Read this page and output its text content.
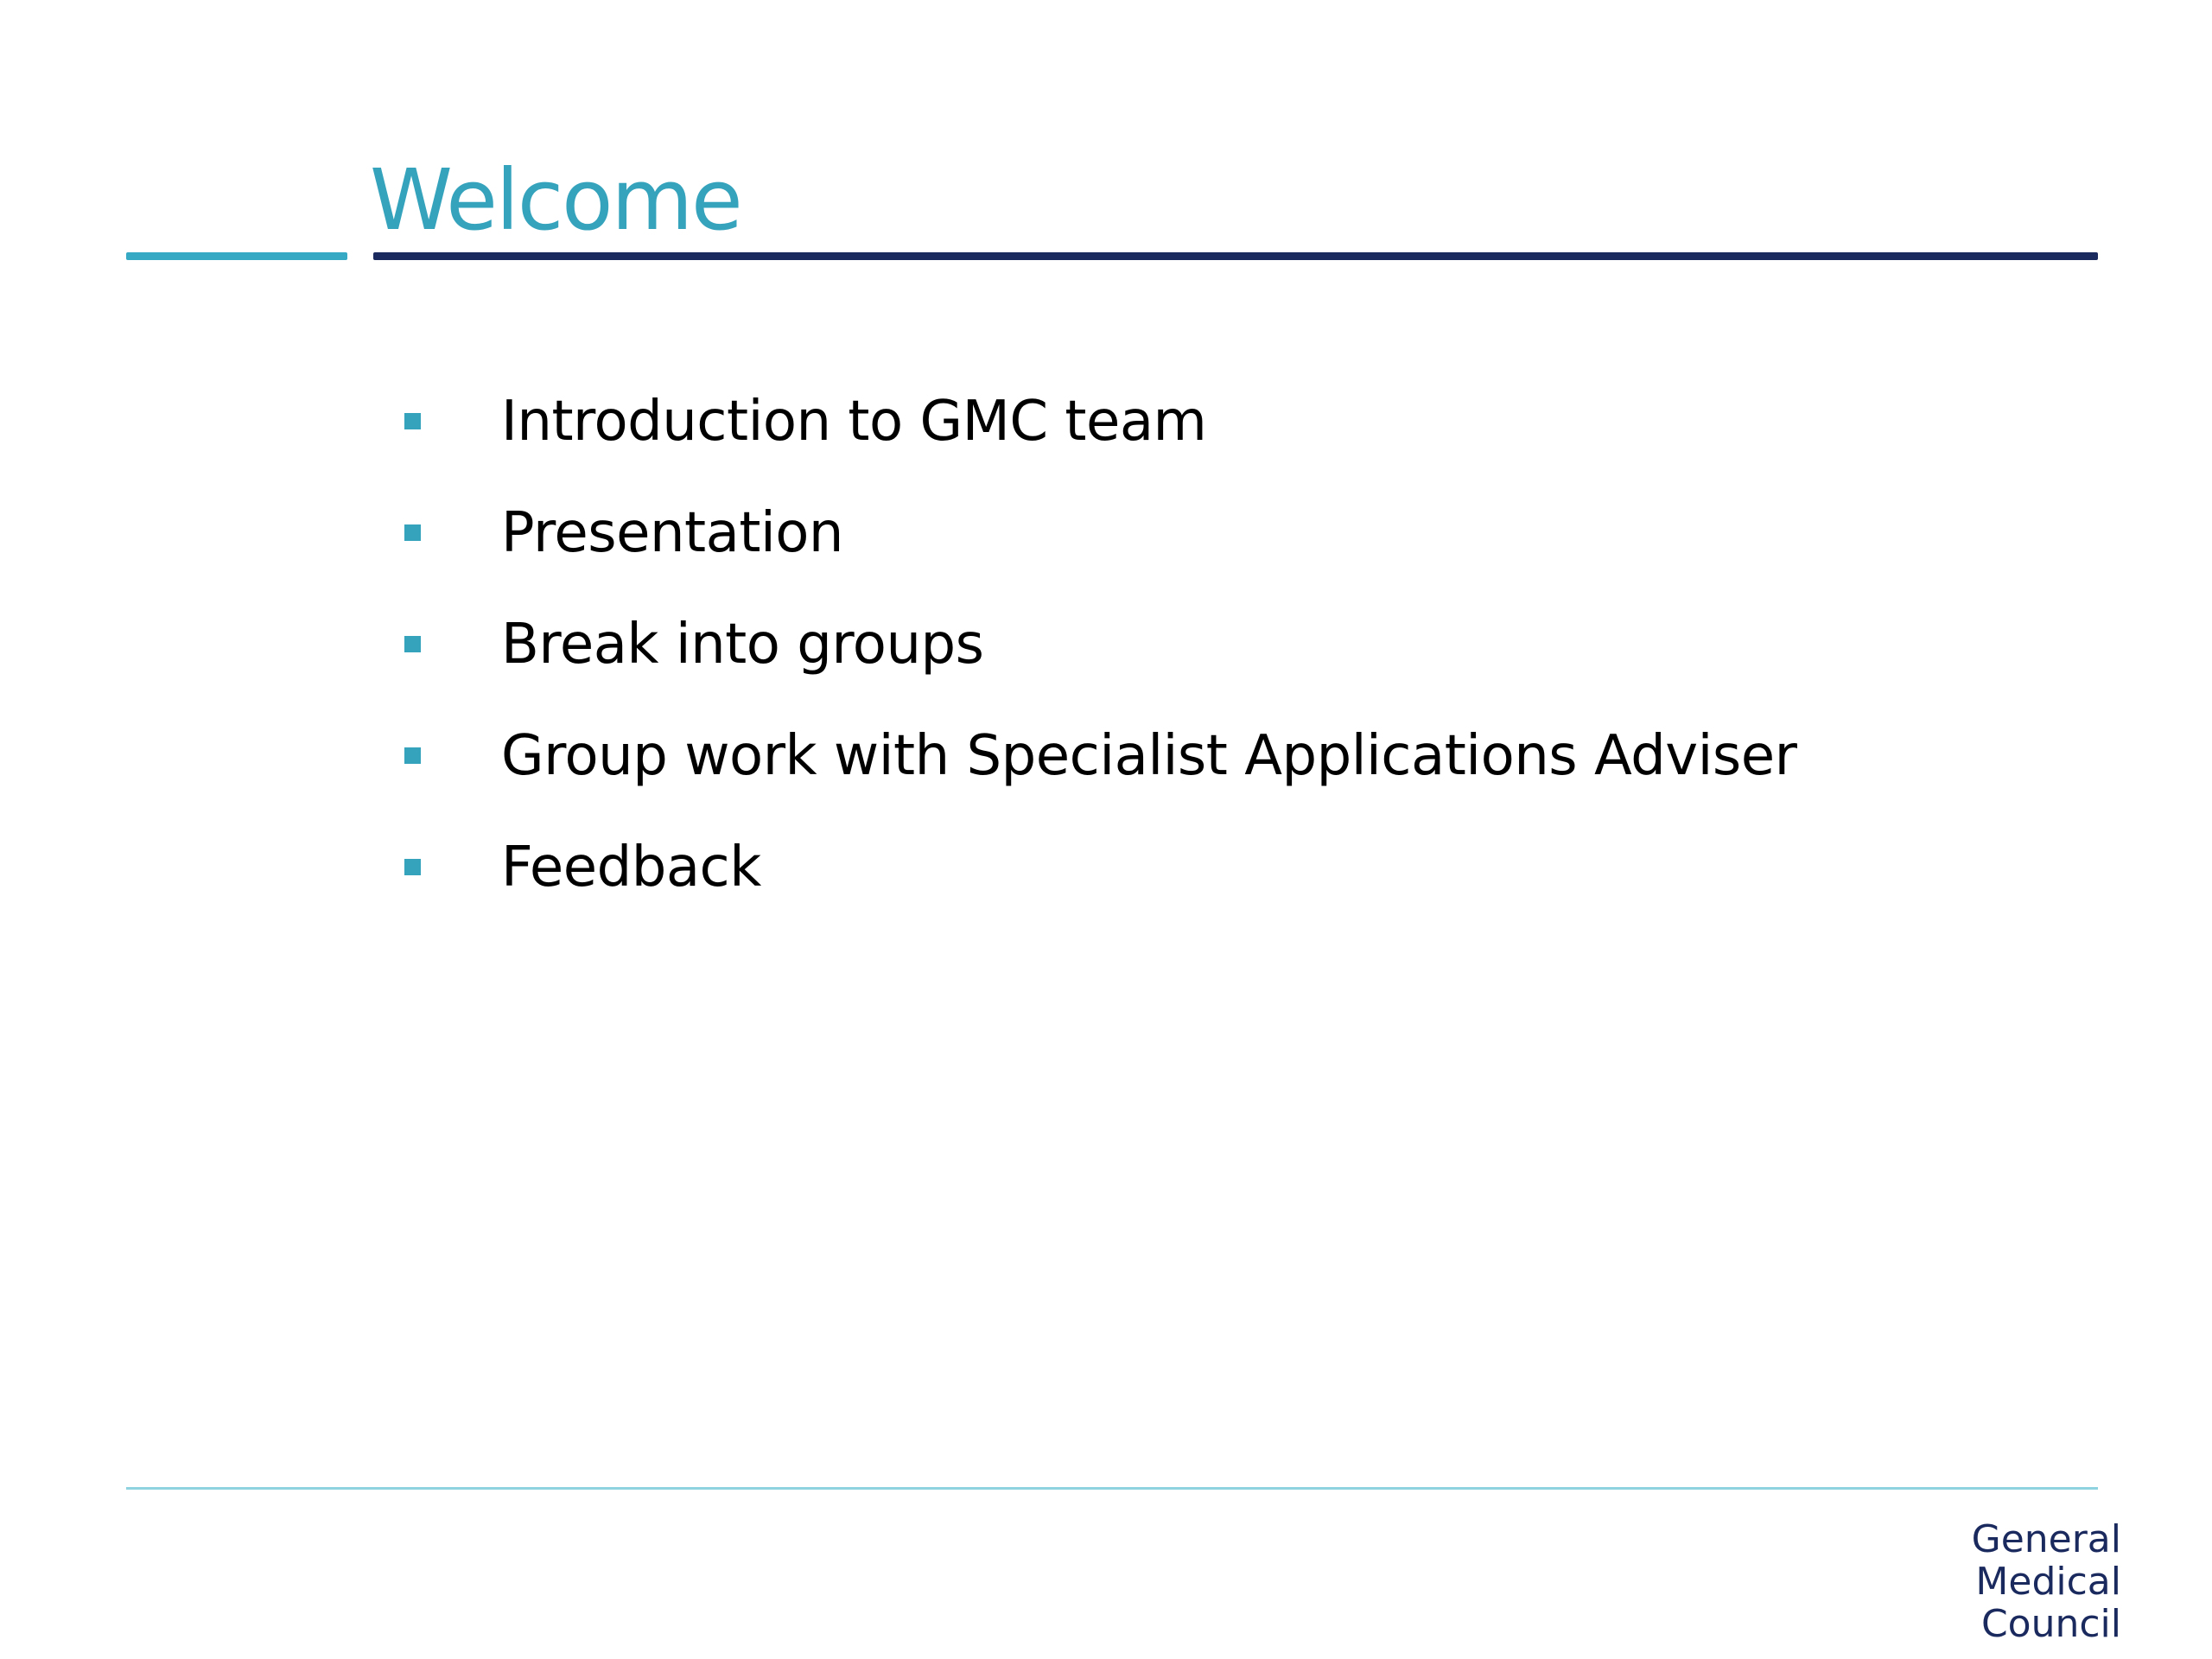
Welcome
Introduction to GMC team
Presentation
Break into groups
Group work with Specialist Applications Adviser
Feedback
General
Medical
Council
